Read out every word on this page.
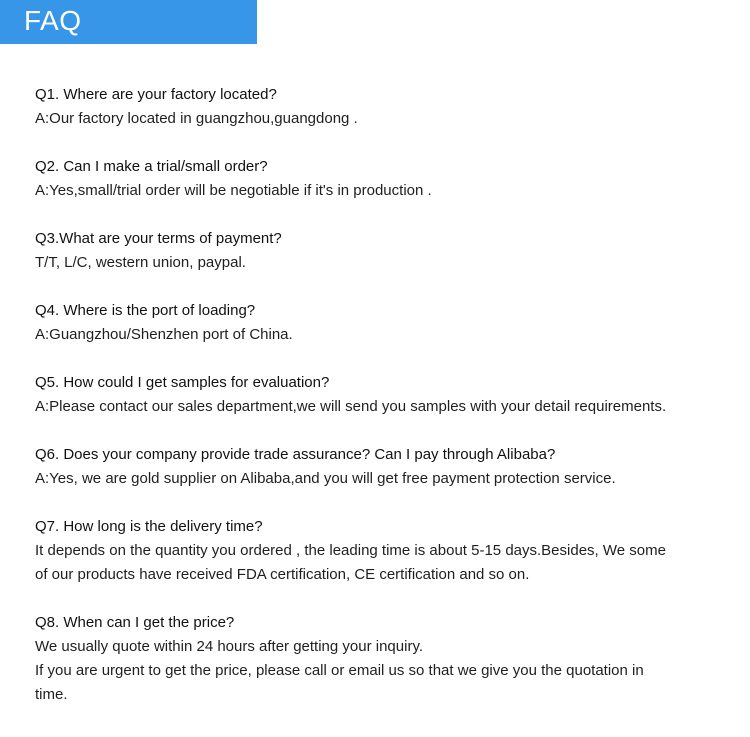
FAQ
Q1. Where are your factory located?
A:Our factory located in guangzhou,guangdong .
Q2. Can I make a trial/small order?
A:Yes,small/trial order will be negotiable if it's in production .
Q3.What are your terms of payment?
T/T, L/C, western union, paypal.
Q4. Where is the port of loading?
A:Guangzhou/Shenzhen port of China.
Q5. How could I get samples for evaluation?
A:Please contact our sales department,we will send you samples with your detail requirements.
Q6. Does your company provide trade assurance? Can I pay through Alibaba?
A:Yes, we are gold supplier on Alibaba,and you will get free payment protection service.
Q7. How long is the delivery time?
It depends on the quantity you ordered , the leading time is about 5-15 days.Besides, We some
of our products have received FDA certification, CE certification and so on.
Q8. When can I get the price?
We usually quote within 24 hours after getting your inquiry.
If you are urgent to get the price, please call or email us so that we give you the quotation in
time.
